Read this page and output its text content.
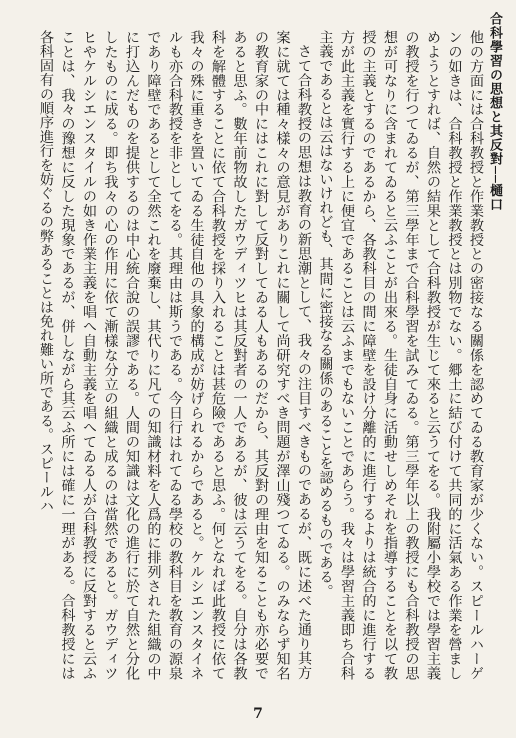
合科學習の思想と其反對──樋口

他の方面には合科教授と作業教授との密接なる關係を認めてゐる教育家が少くない。スピールハーゲンの如きは、合科教授と作業教授とは別物でない。郷土に結び付けて共同的に活氣ある作業を營ましめようとすれば、自然の結果として合科教授が生じて來ると云うてをる。我附屬小學校では學習主義の教授を行つてゐるが、第三學年まで合科學習を試みてゐる。第三學年以上の教授にも合科教授の思想が可なりに含まれてゐると云ふことが出來る。生徒自身に活動せしめそれを指導することを以て教授の主義とするのであるから、各教科目の間に障壁を設け分離的に進行するよりは統合的に進行する方が此主義を實行する上に便宜であることは云ふまでもないことであらう。我々は學習主義即ち合科主義であるとは云はないけれども、其間に密接なる關係のあることを認めるものである。

さて合科教授の思想は教育の新思潮として、我々の注目すべきものであるが、既に述べた通り其方案に就ては種々樣々の意見がありこれに關して尚研究すべき問題が澤山殘つてゐる。のみならず知名の教育家の中にはこれに對して反對してゐる人もあるのだから、其反對の理由を知ることも亦必要であると思ふ。數年前物故したガウディツヒは其反對者の一人であるが、彼は云うてをる。自分は各教科を解體することに依て合科教授を採り入れることは甚危險であると思ふ。何となれば此教授に依て我々の殊に重きを置いてゐる生徒自他の具象的構成が妨げられるからであると。ケルシエンスタイネルも亦合科教授を非としてをる。其理由は斯うである。今日行はれてゐる學校の教科目を教育の源泉であり障壁であるとして全然これを廢棄し、其代りに凡ての知識材料を人爲的に排列された組織の中に打込んだものを提供するのは中心統合說の誤謬である。人間の知識は文化の進行に於て自然と分化したものに成る。即ち我々の心の作用に依て漸樣な分立の組織と成るのは當然であると。ガウディツヒやケルシエンスタイルの如き作業主義を唱へ自動主義を唱へてゐる人が合科教授に反對すると云ふことは、我々の豫想に反した現象であるが、併しながら其云ふ所には確に一理がある。合科教授には各科固有の順序進行を妨ぐるの弊あることは免れ難い所である。スピールハ

7
